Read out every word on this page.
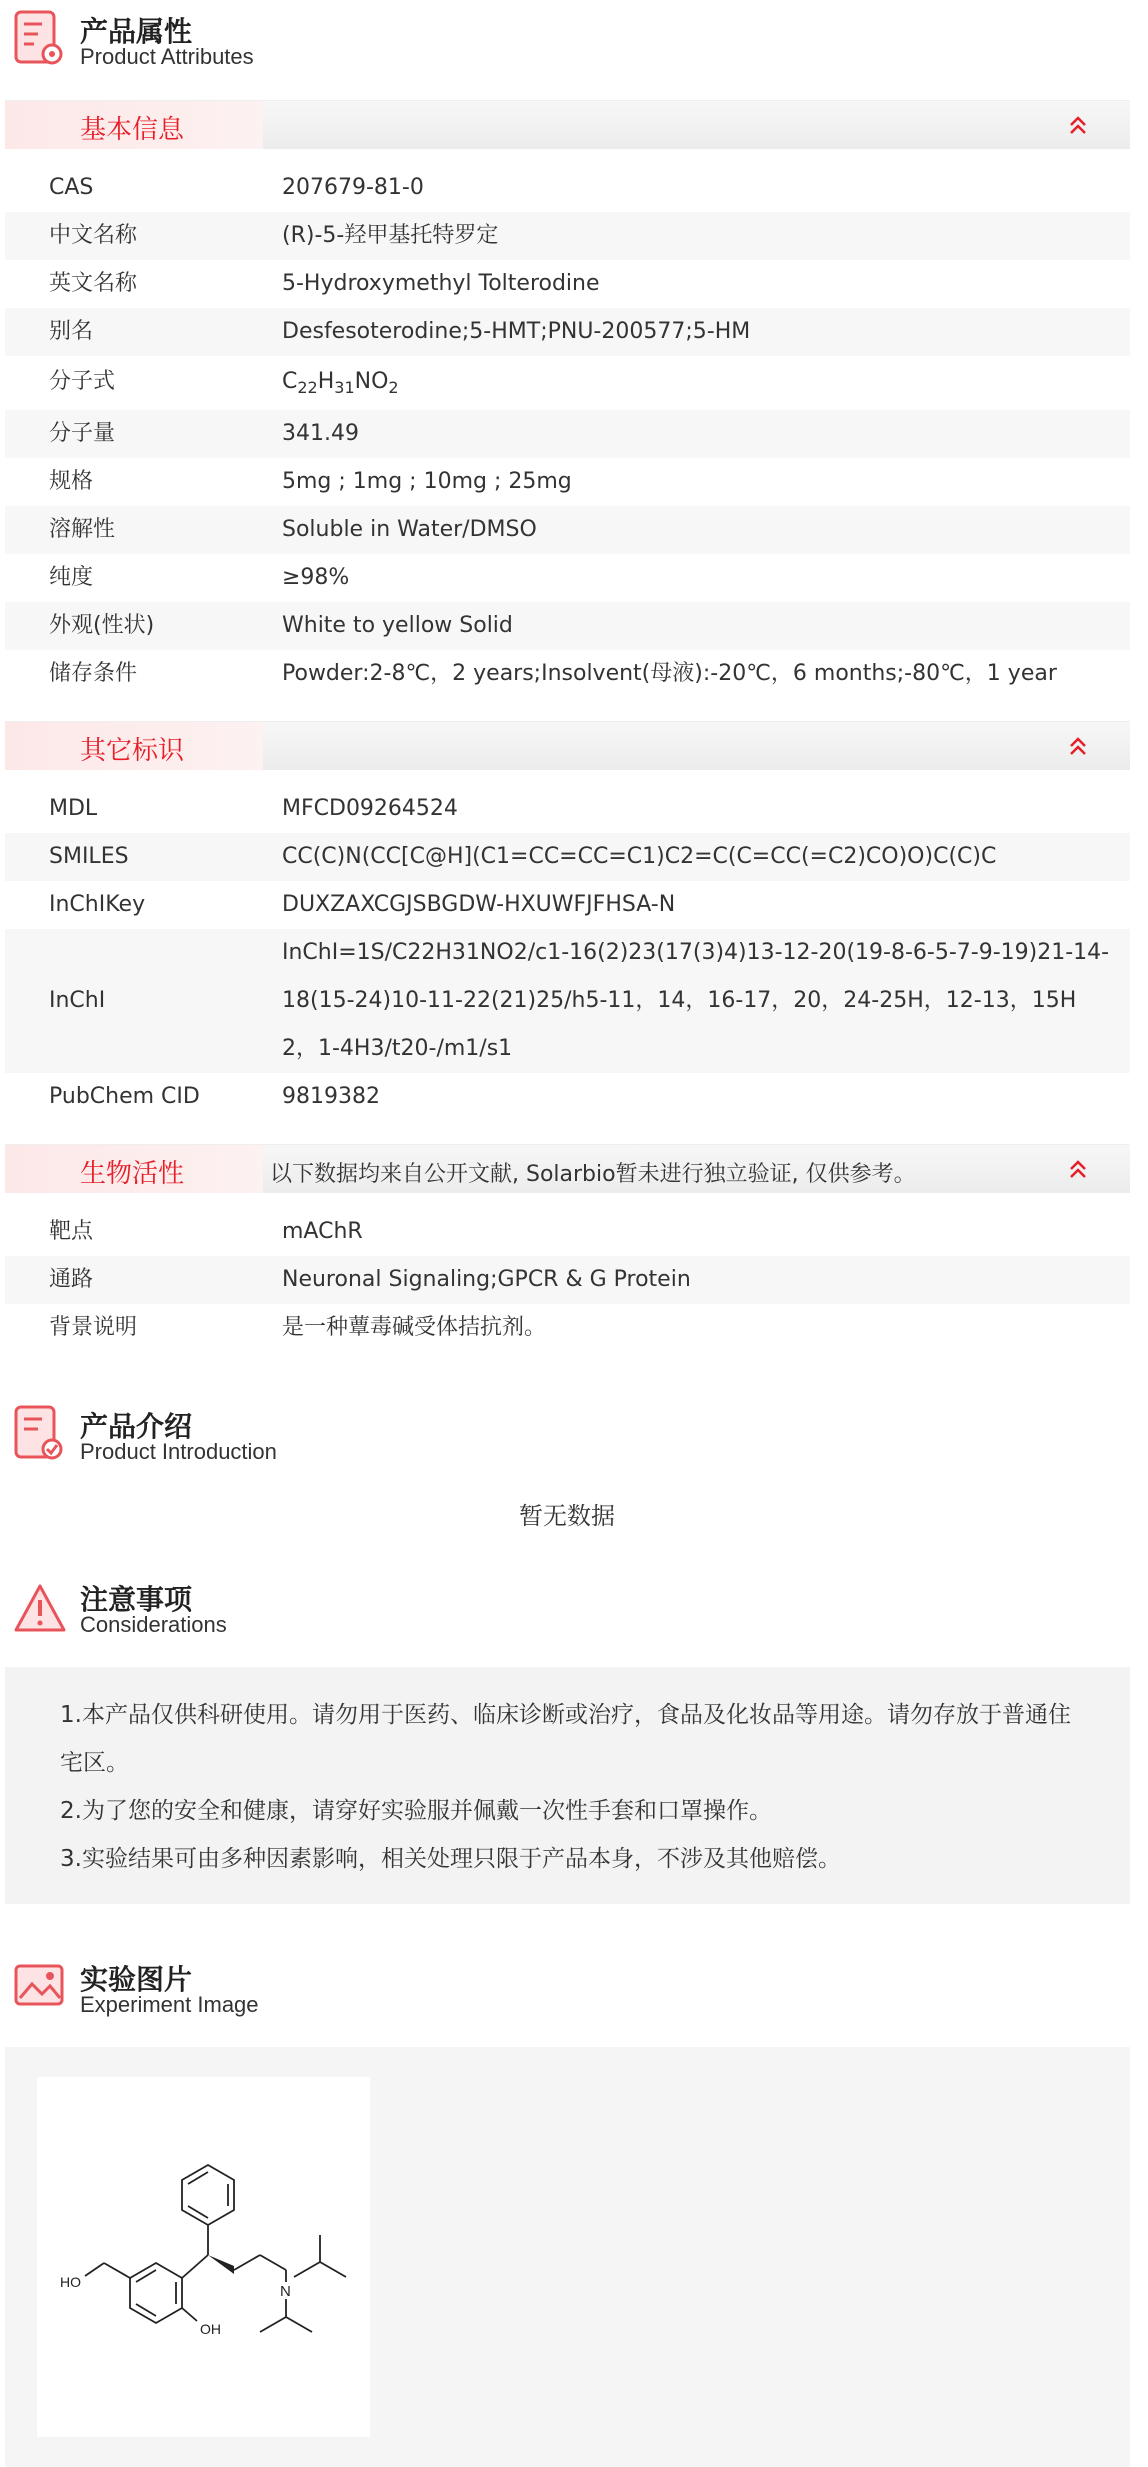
产品属性
Product Attributes
基本信息
CAS	207679-81-0
中文名称	(R)-5-羟甲基托特罗定
英文名称	5-Hydroxymethyl Tolterodine
别名	Desfesoterodine;5-HMT;PNU-200577;5-HM
分子式	$C_{22}H_{31}NO_2$
分子量	341.49
规格	5mg ; 1mg ; 10mg ; 25mg
溶解性	Soluble in Water/DMSO
纯度	≥98%
外观(性状)	White to yellow Solid
储存条件	Powder:2-8℃，2 years;Insolvent(母液):-20℃，6 months;-80℃，1 year
其它标识
MDL	MFCD09264524
SMILES	CC(C)N(CC[C@H](C1=CC=CC=C1)C2=C(C=CC(=C2)CO)O)C(C)C
InChIKey	DUXZAXCGJSBGDW-HXUWFJFHSA-N
InChI
InChI=1S/C22H31NO2/c1-16(2)23(17(3)4)13-12-20(19-8-6-5-7-9-19)21-14-18(15-24)10-11-22(21)25/h5-11，14，16-17，20，24-25H，12-13，15H2，1-4H3/t20-/m1/s1
PubChem CID	9819382
生物活性	以下数据均来自公开文献, Solarbio暂未进行独立验证, 仅供参考。
靶点	mAChR
通路	Neuronal Signaling;GPCR & G Protein
背景说明	是一种蕈毒碱受体拮抗剂。
产品介绍
Product Introduction
暂无数据
注意事项
Considerations

1.本产品仅供科研使用。请勿用于医药、临床诊断或治疗，食品及化妆品等用途。请勿存放于普通住宅区。

2.为了您的安全和健康，请穿好实验服并佩戴一次性手套和口罩操作。

3.实验结果可由多种因素影响，相关处理只限于产品本身，不涉及其他赔偿。

实验图片
Experiment Image
HO
OH
N
